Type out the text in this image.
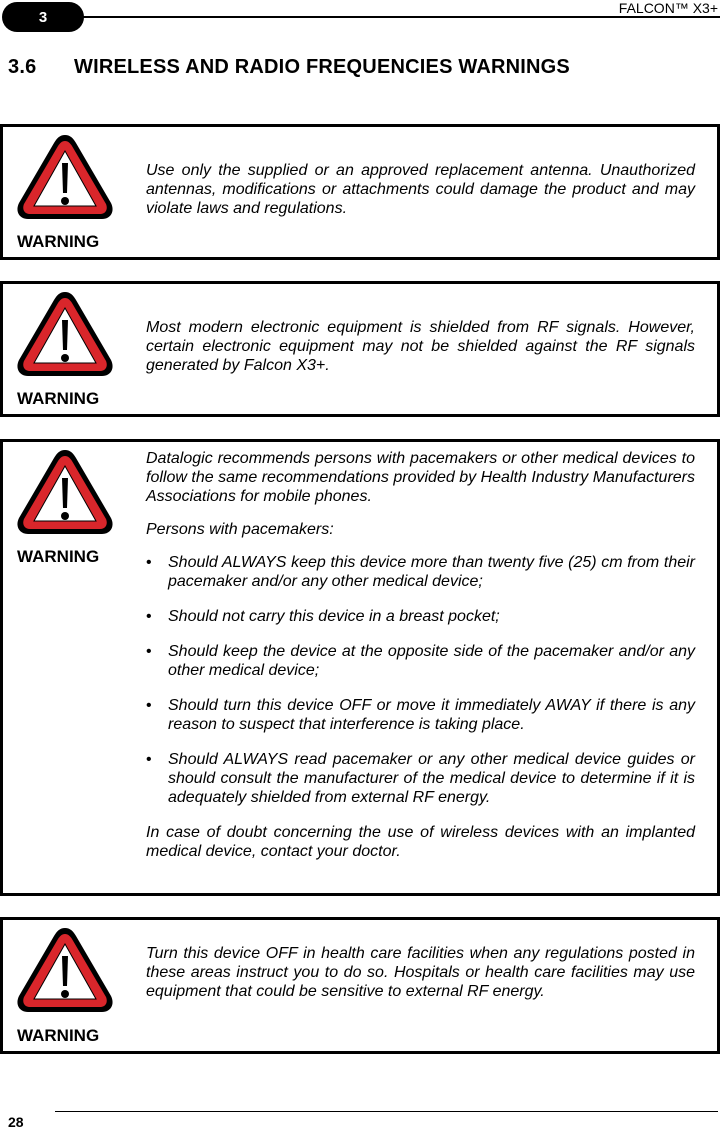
3
FALCON™ X3+
3.6 WIRELESS AND RADIO FREQUENCIES WARNINGS
WARNING
Use only the supplied or an approved replacement antenna. Unauthorized antennas, modifications or attachments could damage the product and may violate laws and regulations.
WARNING
Most modern electronic equipment is shielded from RF signals. However, certain electronic equipment may not be shielded against the RF signals generated by Falcon X3+.
WARNING

Datalogic recommends persons with pacemakers or other medical devices to follow the same recommendations provided by Health Industry Manufacturers Associations for mobile phones.

Persons with pacemakers:

• Should ALWAYS keep this device more than twenty five (25) cm from their pacemaker and/or any other medical device;
• Should not carry this device in a breast pocket;
• Should keep the device at the opposite side of the pacemaker and/or any other medical device;
• Should turn this device OFF or move it immediately AWAY if there is any reason to suspect that interference is taking place.
• Should ALWAYS read pacemaker or any other medical device guides or should consult the manufacturer of the medical device to determine if it is adequately shielded from external RF energy.

In case of doubt concerning the use of wireless devices with an implanted medical device, contact your doctor.

WARNING
Turn this device OFF in health care facilities when any regulations posted in these areas instruct you to do so. Hospitals or health care facilities may use equipment that could be sensitive to external RF energy.
28
